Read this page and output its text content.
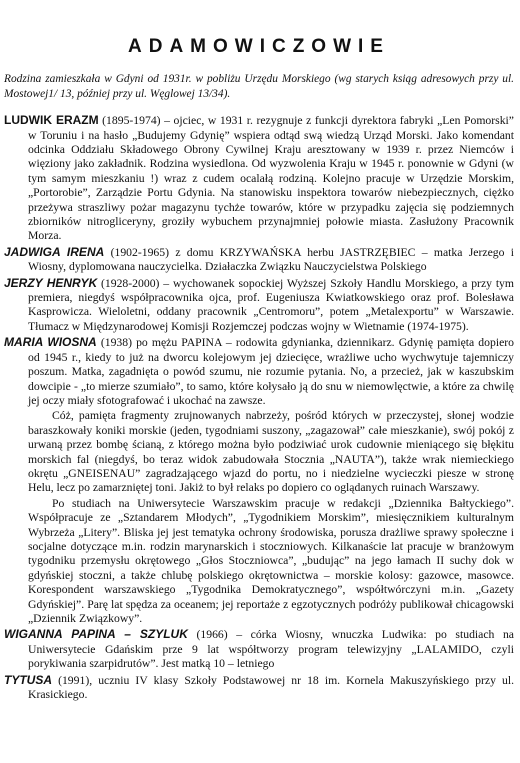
ADAMOWICZOWIE

Rodzina zamieszkała w Gdyni od 1931r. w pobliżu Urzędu Morskiego (wg starych ksiąg adresowych przy ul. Mostowej1/ 13, później przy ul. Węglowej 13/34).

LUDWIK ERAZM (1895-1974) – ojciec, w 1931 r. rezygnuje z funkcji dyrektora fabryki „Len Pomorski” w Toruniu i na hasło „Budujemy Gdynię” wspiera odtąd swą wiedzą Urząd Morski. Jako komendant odcinka Oddziału Składowego Obrony Cywilnej Kraju aresztowany w 1939 r. przez Niemców i więziony jako zakładnik. Rodzina wysiedlona. Od wyzwolenia Kraju w 1945 r. ponownie w Gdyni (w tym samym mieszkaniu !) wraz z cudem ocalałą rodziną. Kolejno pracuje w Urzędzie Morskim, „Portorobie”, Zarządzie Portu Gdynia. Na stanowisku inspektora towarów niebezpiecznych, ciężko przeżywa straszliwy pożar magazynu tychże towarów, które w przypadku zajęcia się podziemnych zbiorników nitrogliceryny, groziły wybuchem przynajmniej połowie miasta. Zasłużony Pracownik Morza.

JADWIGA IRENA (1902-1965) z domu KRZYWAŃSKA herbu JASTRZĘBIEC – matka Jerzego i Wiosny, dyplomowana nauczycielka. Działaczka Związku Nauczycielstwa Polskiego

JERZY HENRYK (1928-2000) – wychowanek sopockiej Wyższej Szkoły Handlu Morskiego, a przy tym premiera, niegdyś współpracownika ojca, prof. Eugeniusza Kwiatkowskiego oraz prof. Bolesława Kasprowicza. Wieloletni, oddany pracownik „Centromoru”, potem „Metalexportu” w Warszawie. Tłumacz w Międzynarodowej Komisji Rozjemczej podczas wojny w Wietnamie (1974-1975).

MARIA WIOSNA (1938) po mężu PAPINA – rodowita gdynianka, dziennikarz. Gdynię pamięta dopiero od 1945 r., kiedy to już na dworcu kolejowym jej dziecięce, wrażliwe ucho wychwytuje tajemniczy poszum. Matka, zagadnięta o powód szumu, nie rozumie pytania. No, a przecież, jak w kaszubskim dowcipie - „to mierze szumiało”, to samo, które kołysało ją do snu w niemowlęctwie, a które za chwilę jej oczy miały sfotografować i ukochać na zawsze.

Cóż, pamięta fragmenty zrujnowanych nabrzeży, pośród których w przeczystej, słonej wodzie baraszkowały koniki morskie (jeden, tygodniami suszony, „zagazował” całe mieszkanie), swój pokój z urwaną przez bombę ścianą, z którego można było podziwiać urok cudownie mieniącego się błękitu morskich fal (niegdyś, bo teraz widok zabudowała Stocznia „NAUTA”), także wrak niemieckiego okrętu „GNEISENAU” zagradzającego wjazd do portu, no i niedzielne wycieczki piesze w stronę Helu, lecz po zamarzniętej toni. Jakiż to był relaks po dopiero co oglądanych ruinach Warszawy.

Po studiach na Uniwersytecie Warszawskim pracuje w redakcji „Dziennika Bałtyckiego”. Współpracuje ze „Sztandarem Młodych”, „Tygodnikiem Morskim”, miesięcznikiem kulturalnym Wybrzeża „Litery”. Bliska jej jest tematyka ochrony środowiska, porusza drażliwe sprawy społeczne i socjalne dotyczące m.in. rodzin marynarskich i stoczniowych. Kilkanaście lat pracuje w branżowym tygodniku przemysłu okrętowego „Głos Stoczniowca”, „budując” na jego łamach II suchy dok w gdyńskiej stoczni, a także chlubę polskiego okrętownictwa – morskie kolosy: gazowce, masowce. Korespondent warszawskiego „Tygodnika Demokratycznego”, współtwórczyni m.in. „Gazety Gdyńskiej”. Parę lat spędza za oceanem; jej reportaże z egzotycznych podróży publikował chicagowski „Dziennik Związkowy”.

WIGANNA PAPINA – SZYLUK (1966) – córka Wiosny, wnuczka Ludwika: po studiach na Uniwersytecie Gdańskim prze 9 lat współtworzy program telewizyjny „LALAMIDO, czyli porykiwania szarpidrutów”. Jest matką 10 – letniego

TYTUSA (1991), uczniu IV klasy Szkoły Podstawowej nr 18 im. Kornela Makuszyńskiego przy ul. Krasickiego.
